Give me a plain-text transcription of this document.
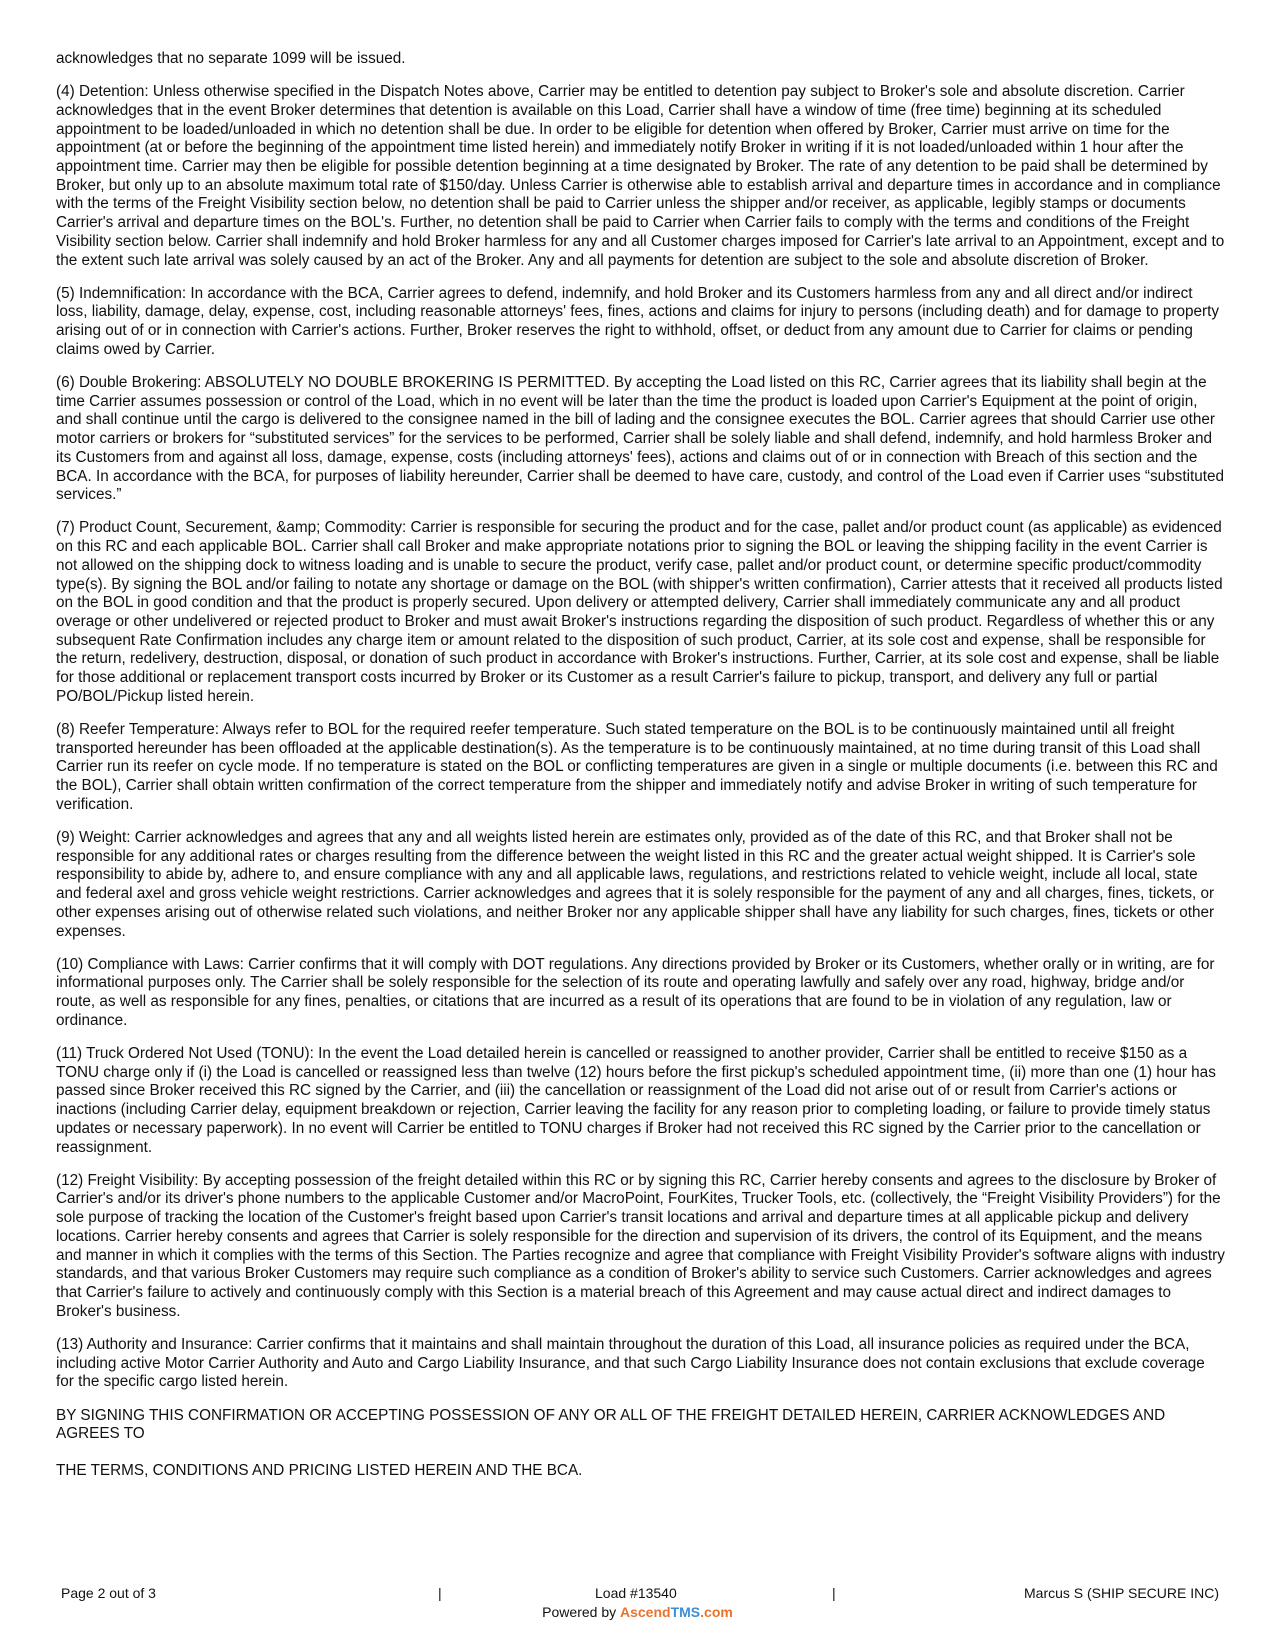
acknowledges that no separate 1099 will be issued.

(4) Detention: Unless otherwise specified in the Dispatch Notes above, Carrier may be entitled to detention pay subject to Broker's sole and absolute discretion. Carrier acknowledges that in the event Broker determines that detention is available on this Load, Carrier shall have a window of time (free time) beginning at its scheduled appointment to be loaded/unloaded in which no detention shall be due. In order to be eligible for detention when offered by Broker, Carrier must arrive on time for the appointment (at or before the beginning of the appointment time listed herein) and immediately notify Broker in writing if it is not loaded/unloaded within 1 hour after the appointment time. Carrier may then be eligible for possible detention beginning at a time designated by Broker. The rate of any detention to be paid shall be determined by Broker, but only up to an absolute maximum total rate of $150/day. Unless Carrier is otherwise able to establish arrival and departure times in accordance and in compliance with the terms of the Freight Visibility section below, no detention shall be paid to Carrier unless the shipper and/or receiver, as applicable, legibly stamps or documents Carrier's arrival and departure times on the BOL's. Further, no detention shall be paid to Carrier when Carrier fails to comply with the terms and conditions of the Freight Visibility section below. Carrier shall indemnify and hold Broker harmless for any and all Customer charges imposed for Carrier's late arrival to an Appointment, except and to the extent such late arrival was solely caused by an act of the Broker. Any and all payments for detention are subject to the sole and absolute discretion of Broker.

(5) Indemnification: In accordance with the BCA, Carrier agrees to defend, indemnify, and hold Broker and its Customers harmless from any and all direct and/or indirect loss, liability, damage, delay, expense, cost, including reasonable attorneys' fees, fines, actions and claims for injury to persons (including death) and for damage to property arising out of or in connection with Carrier's actions. Further, Broker reserves the right to withhold, offset, or deduct from any amount due to Carrier for claims or pending claims owed by Carrier.

(6) Double Brokering: ABSOLUTELY NO DOUBLE BROKERING IS PERMITTED. By accepting the Load listed on this RC, Carrier agrees that its liability shall begin at the time Carrier assumes possession or control of the Load, which in no event will be later than the time the product is loaded upon Carrier's Equipment at the point of origin, and shall continue until the cargo is delivered to the consignee named in the bill of lading and the consignee executes the BOL. Carrier agrees that should Carrier use other motor carriers or brokers for “substituted services” for the services to be performed, Carrier shall be solely liable and shall defend, indemnify, and hold harmless Broker and its Customers from and against all loss, damage, expense, costs (including attorneys' fees), actions and claims out of or in connection with Breach of this section and the BCA. In accordance with the BCA, for purposes of liability hereunder, Carrier shall be deemed to have care, custody, and control of the Load even if Carrier uses “substituted services.”

(7) Product Count, Securement, &amp; Commodity: Carrier is responsible for securing the product and for the case, pallet and/or product count (as applicable) as evidenced on this RC and each applicable BOL. Carrier shall call Broker and make appropriate notations prior to signing the BOL or leaving the shipping facility in the event Carrier is not allowed on the shipping dock to witness loading and is unable to secure the product, verify case, pallet and/or product count, or determine specific product/commodity type(s). By signing the BOL and/or failing to notate any shortage or damage on the BOL (with shipper's written confirmation), Carrier attests that it received all products listed on the BOL in good condition and that the product is properly secured. Upon delivery or attempted delivery, Carrier shall immediately communicate any and all product overage or other undelivered or rejected product to Broker and must await Broker's instructions regarding the disposition of such product. Regardless of whether this or any subsequent Rate Confirmation includes any charge item or amount related to the disposition of such product, Carrier, at its sole cost and expense, shall be responsible for the return, redelivery, destruction, disposal, or donation of such product in accordance with Broker's instructions. Further, Carrier, at its sole cost and expense, shall be liable for those additional or replacement transport costs incurred by Broker or its Customer as a result Carrier's failure to pickup, transport, and delivery any full or partial PO/BOL/Pickup listed herein.

(8) Reefer Temperature: Always refer to BOL for the required reefer temperature. Such stated temperature on the BOL is to be continuously maintained until all freight transported hereunder has been offloaded at the applicable destination(s). As the temperature is to be continuously maintained, at no time during transit of this Load shall Carrier run its reefer on cycle mode. If no temperature is stated on the BOL or conflicting temperatures are given in a single or multiple documents (i.e. between this RC and the BOL), Carrier shall obtain written confirmation of the correct temperature from the shipper and immediately notify and advise Broker in writing of such temperature for verification.

(9) Weight: Carrier acknowledges and agrees that any and all weights listed herein are estimates only, provided as of the date of this RC, and that Broker shall not be responsible for any additional rates or charges resulting from the difference between the weight listed in this RC and the greater actual weight shipped. It is Carrier's sole responsibility to abide by, adhere to, and ensure compliance with any and all applicable laws, regulations, and restrictions related to vehicle weight, include all local, state and federal axel and gross vehicle weight restrictions. Carrier acknowledges and agrees that it is solely responsible for the payment of any and all charges, fines, tickets, or other expenses arising out of otherwise related such violations, and neither Broker nor any applicable shipper shall have any liability for such charges, fines, tickets or other expenses.

(10) Compliance with Laws: Carrier confirms that it will comply with DOT regulations. Any directions provided by Broker or its Customers, whether orally or in writing, are for informational purposes only. The Carrier shall be solely responsible for the selection of its route and operating lawfully and safely over any road, highway, bridge and/or route, as well as responsible for any fines, penalties, or citations that are incurred as a result of its operations that are found to be in violation of any regulation, law or ordinance.

(11) Truck Ordered Not Used (TONU): In the event the Load detailed herein is cancelled or reassigned to another provider, Carrier shall be entitled to receive $150 as a TONU charge only if (i) the Load is cancelled or reassigned less than twelve (12) hours before the first pickup's scheduled appointment time, (ii) more than one (1) hour has passed since Broker received this RC signed by the Carrier, and (iii) the cancellation or reassignment of the Load did not arise out of or result from Carrier's actions or inactions (including Carrier delay, equipment breakdown or rejection, Carrier leaving the facility for any reason prior to completing loading, or failure to provide timely status updates or necessary paperwork). In no event will Carrier be entitled to TONU charges if Broker had not received this RC signed by the Carrier prior to the cancellation or reassignment.

(12) Freight Visibility: By accepting possession of the freight detailed within this RC or by signing this RC, Carrier hereby consents and agrees to the disclosure by Broker of Carrier's and/or its driver's phone numbers to the applicable Customer and/or MacroPoint, FourKites, Trucker Tools, etc. (collectively, the “Freight Visibility Providers”) for the sole purpose of tracking the location of the Customer's freight based upon Carrier's transit locations and arrival and departure times at all applicable pickup and delivery locations. Carrier hereby consents and agrees that Carrier is solely responsible for the direction and supervision of its drivers, the control of its Equipment, and the means and manner in which it complies with the terms of this Section. The Parties recognize and agree that compliance with Freight Visibility Provider's software aligns with industry standards, and that various Broker Customers may require such compliance as a condition of Broker's ability to service such Customers. Carrier acknowledges and agrees that Carrier's failure to actively and continuously comply with this Section is a material breach of this Agreement and may cause actual direct and indirect damages to Broker's business.

(13) Authority and Insurance: Carrier confirms that it maintains and shall maintain throughout the duration of this Load, all insurance policies as required under the BCA, including active Motor Carrier Authority and Auto and Cargo Liability Insurance, and that such Cargo Liability Insurance does not contain exclusions that exclude coverage for the specific cargo listed herein.

BY SIGNING THIS CONFIRMATION OR ACCEPTING POSSESSION OF ANY OR ALL OF THE FREIGHT DETAILED HEREIN, CARRIER ACKNOWLEDGES AND AGREES TO

THE TERMS, CONDITIONS AND PRICING LISTED HEREIN AND THE BCA.

Page 2 out of 3	|	Load #13540	|	Marcus S (SHIP SECURE INC)
Powered by AscendTMS.com
